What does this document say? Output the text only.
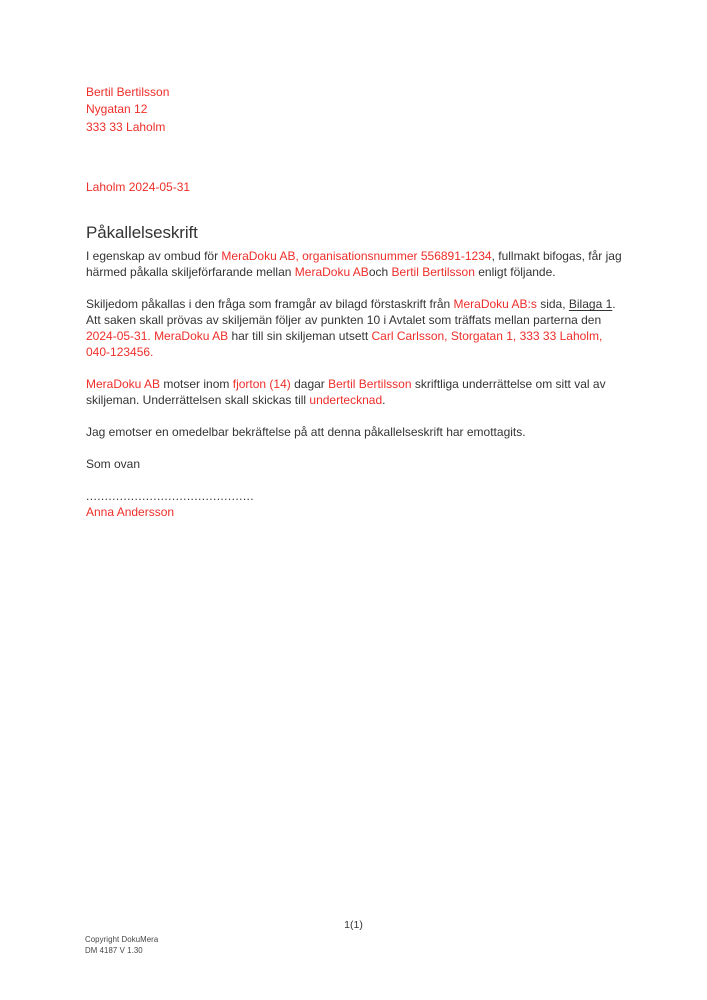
Bertil Bertilsson
Nygatan 12
333 33 Laholm
Laholm 2024-05-31
Påkallelseskrift

I egenskap av ombud för MeraDoku AB, organisationsnummer 556891-1234, fullmakt bifogas, får jag härmed påkalla skiljeförfarande mellan MeraDoku ABoch Bertil Bertilsson enligt följande.

Skiljedom påkallas i den fråga som framgår av bilagd förstaskrift från MeraDoku AB:s sida, Bilaga 1. Att saken skall prövas av skiljemän följer av punkten 10 i Avtalet som träffats mellan parterna den 2024-05-31. MeraDoku AB har till sin skiljeman utsett Carl Carlsson, Storgatan 1, 333 33 Laholm, 040-123456.

MeraDoku AB motser inom fjorton (14) dagar Bertil Bertilsson skriftliga underrättelse om sitt val av skiljeman. Underrättelsen skall skickas till undertecknad.

Jag emotser en omedelbar bekräftelse på att denna påkallelseskrift har emottagits.

Som ovan

.............................................
Anna Andersson
1(1)
Copyright DokuMera
DM 4187 V 1.30
